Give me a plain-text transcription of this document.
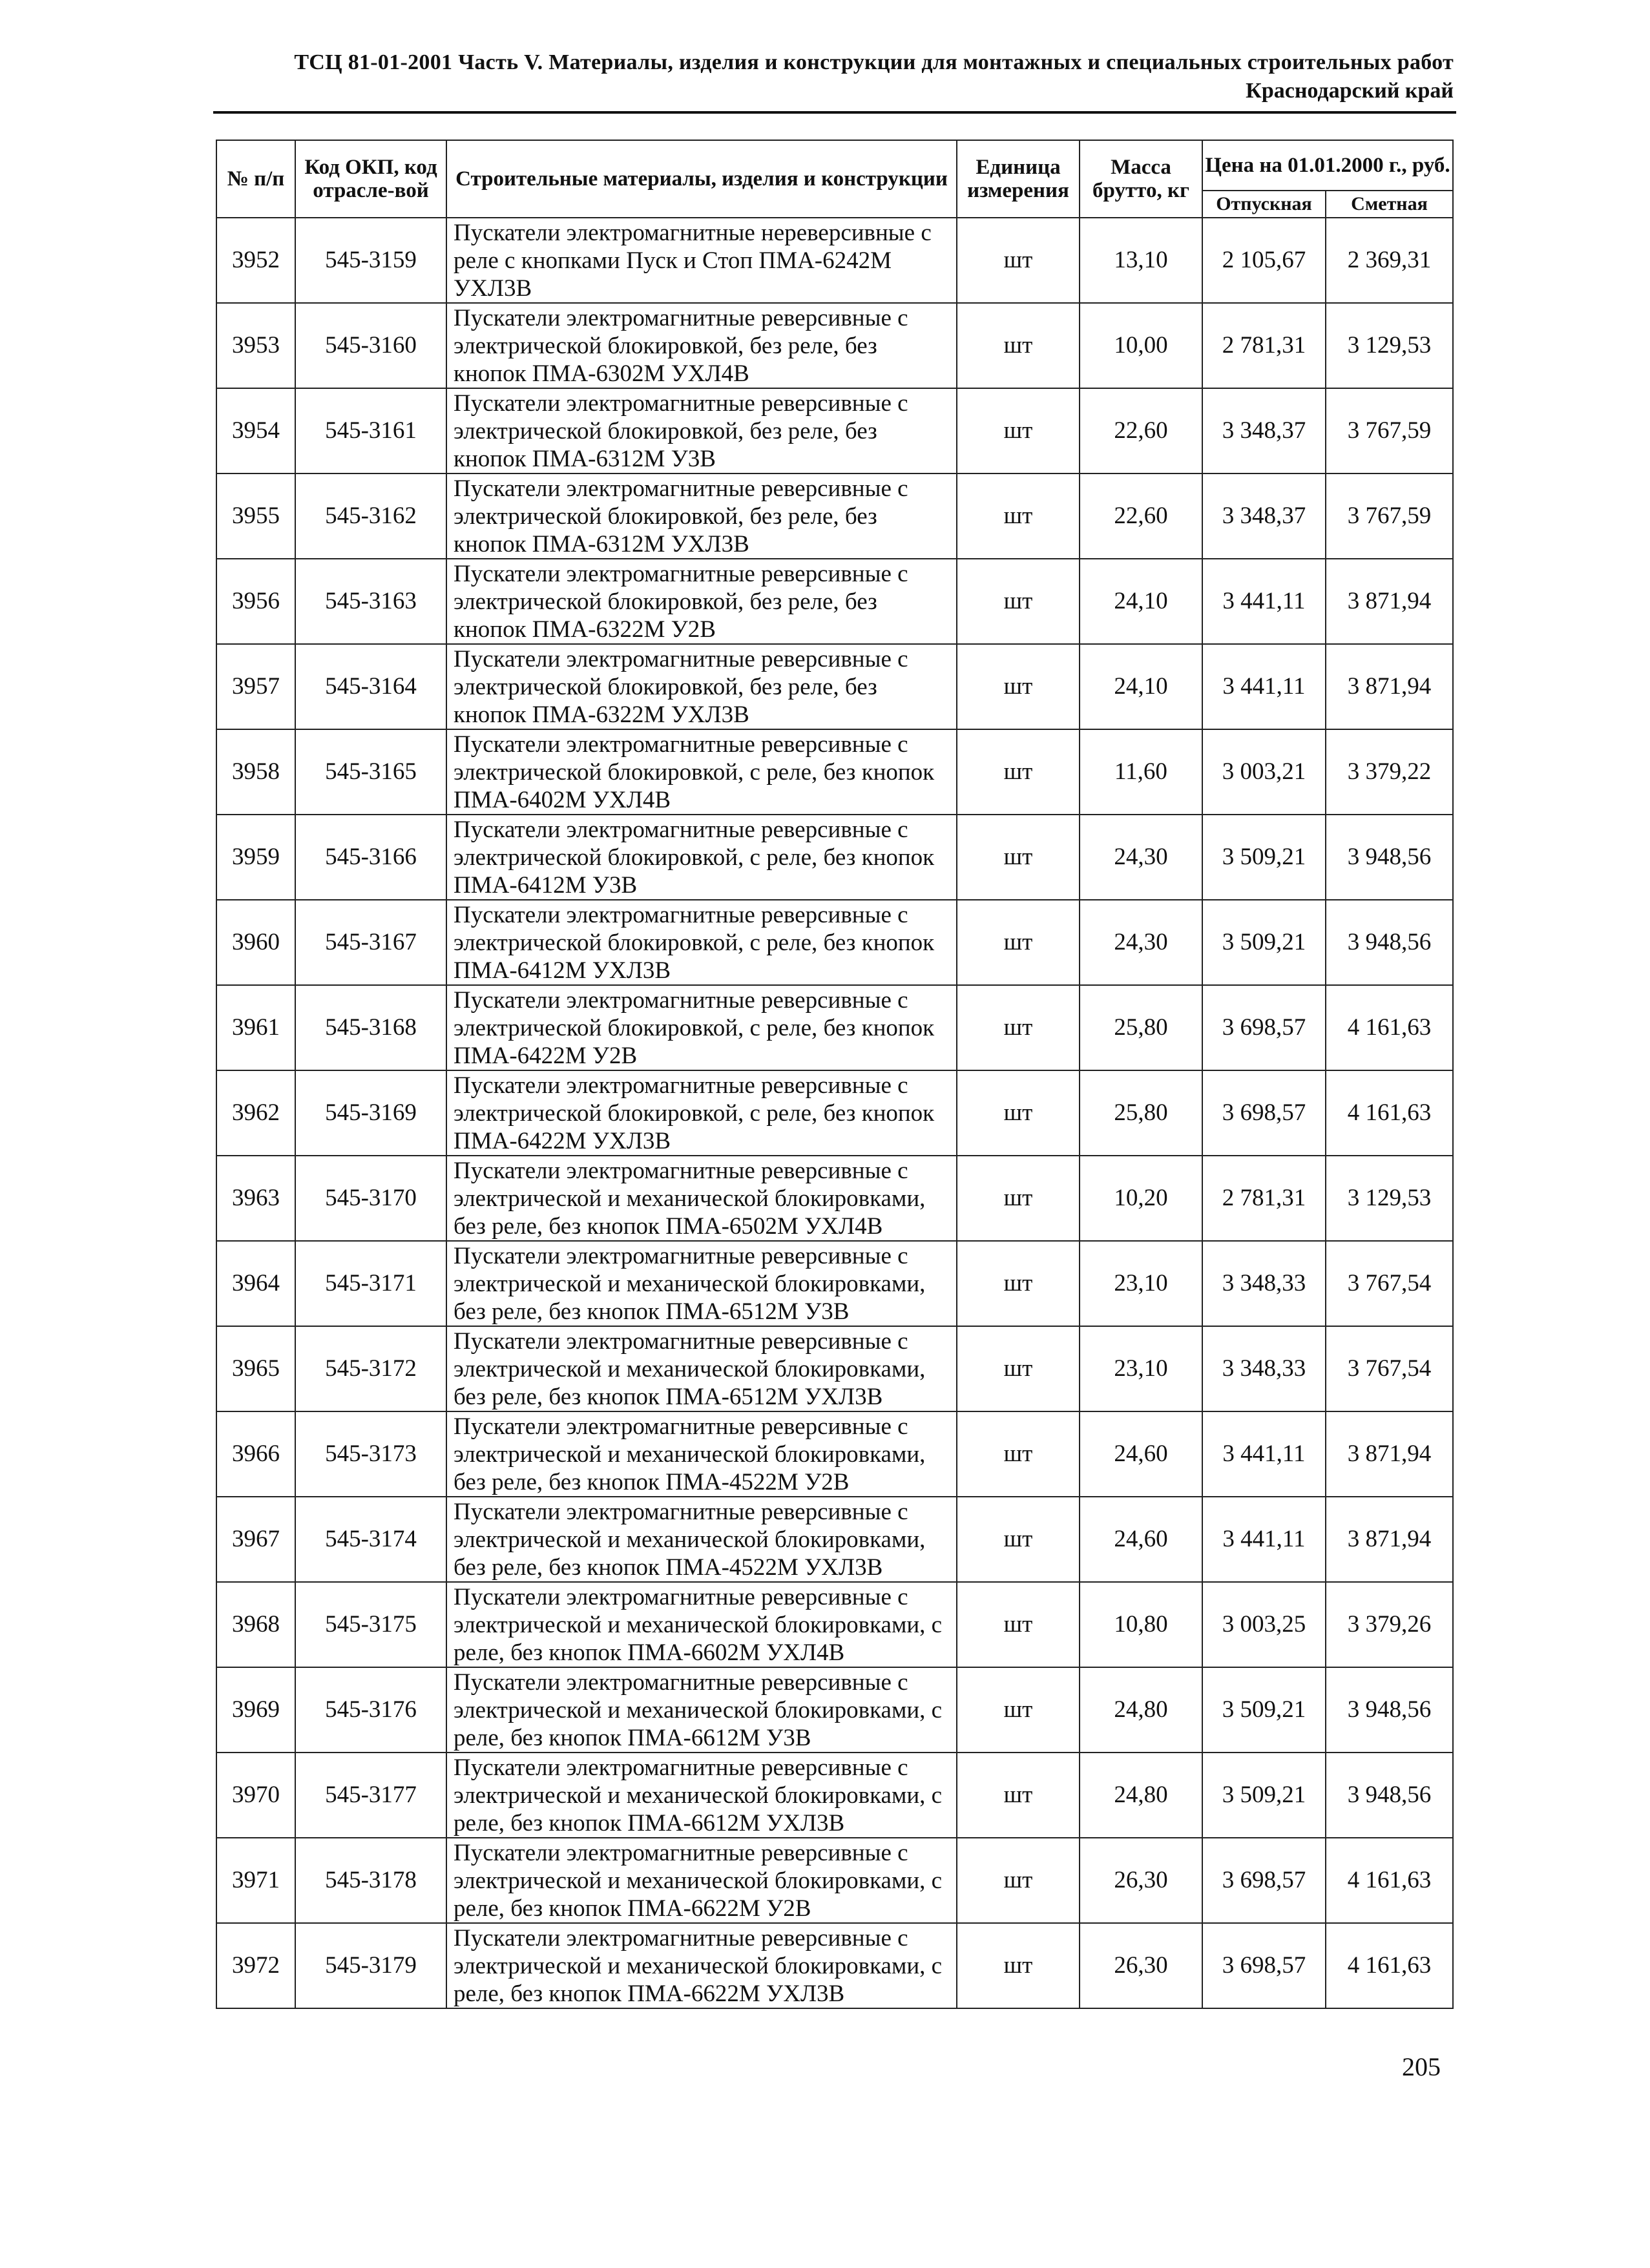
ТСЦ 81-01-2001 Часть V. Материалы, изделия и конструкции для монтажных и специальных строительных работ
Краснодарский край
№ п/п	Код ОКП, код отрасле-вой	Строительные материалы, изделия и конструкции	Единица измерения	Масса брутто, кг	Цена на 01.01.2000 г., руб.	
					Отпускная	Сметная
3952	545-3159	Пускатели электромагнитные нереверсивные с реле с кнопками Пуск и Стоп ПМА-6242М УХЛ3В	шт	13,10	2 105,67	2 369,31
3953	545-3160	Пускатели электромагнитные реверсивные с электрической блокировкой, без реле, без кнопок ПМА-6302М УХЛ4В	шт	10,00	2 781,31	3 129,53
3954	545-3161	Пускатели электромагнитные реверсивные с электрической блокировкой, без реле, без кнопок ПМА-6312М У3В	шт	22,60	3 348,37	3 767,59
3955	545-3162	Пускатели электромагнитные реверсивные с электрической блокировкой, без реле, без кнопок ПМА-6312М УХЛ3В	шт	22,60	3 348,37	3 767,59
3956	545-3163	Пускатели электромагнитные реверсивные с электрической блокировкой, без реле, без кнопок ПМА-6322М У2В	шт	24,10	3 441,11	3 871,94
3957	545-3164	Пускатели электромагнитные реверсивные с электрической блокировкой, без реле, без кнопок ПМА-6322М УХЛ3В	шт	24,10	3 441,11	3 871,94
3958	545-3165	Пускатели электромагнитные реверсивные с электрической блокировкой, с реле, без кнопок ПМА-6402М УХЛ4В	шт	11,60	3 003,21	3 379,22
3959	545-3166	Пускатели электромагнитные реверсивные с электрической блокировкой, с реле, без кнопок ПМА-6412М У3В	шт	24,30	3 509,21	3 948,56
3960	545-3167	Пускатели электромагнитные реверсивные с электрической блокировкой, с реле, без кнопок ПМА-6412М УХЛ3В	шт	24,30	3 509,21	3 948,56
3961	545-3168	Пускатели электромагнитные реверсивные с электрической блокировкой, с реле, без кнопок ПМА-6422М У2В	шт	25,80	3 698,57	4 161,63
3962	545-3169	Пускатели электромагнитные реверсивные с электрической блокировкой, с реле, без кнопок ПМА-6422М УХЛ3В	шт	25,80	3 698,57	4 161,63
3963	545-3170	Пускатели электромагнитные реверсивные с электрической и механической блокировками, без реле, без кнопок ПМА-6502М УХЛ4В	шт	10,20	2 781,31	3 129,53
3964	545-3171	Пускатели электромагнитные реверсивные с электрической и механической блокировками, без реле, без кнопок ПМА-6512М У3В	шт	23,10	3 348,33	3 767,54
3965	545-3172	Пускатели электромагнитные реверсивные с электрической и механической блокировками, без реле, без кнопок ПМА-6512М УХЛ3В	шт	23,10	3 348,33	3 767,54
3966	545-3173	Пускатели электромагнитные реверсивные с электрической и механической блокировками, без реле, без кнопок ПМА-4522М У2В	шт	24,60	3 441,11	3 871,94
3967	545-3174	Пускатели электромагнитные реверсивные с электрической и механической блокировками, без реле, без кнопок ПМА-4522М УХЛ3В	шт	24,60	3 441,11	3 871,94
3968	545-3175	Пускатели электромагнитные реверсивные с электрической и механической блокировками, с реле, без кнопок ПМА-6602М УХЛ4В	шт	10,80	3 003,25	3 379,26
3969	545-3176	Пускатели электромагнитные реверсивные с электрической и механической блокировками, с реле, без кнопок ПМА-6612М У3В	шт	24,80	3 509,21	3 948,56
3970	545-3177	Пускатели электромагнитные реверсивные с электрической и механической блокировками, с реле, без кнопок ПМА-6612М УХЛ3В	шт	24,80	3 509,21	3 948,56
3971	545-3178	Пускатели электромагнитные реверсивные с электрической и механической блокировками, с реле, без кнопок ПМА-6622М У2В	шт	26,30	3 698,57	4 161,63
3972	545-3179	Пускатели электромагнитные реверсивные с электрической и механической блокировками, с реле, без кнопок ПМА-6622М УХЛ3В	шт	26,30	3 698,57	4 161,63
205
